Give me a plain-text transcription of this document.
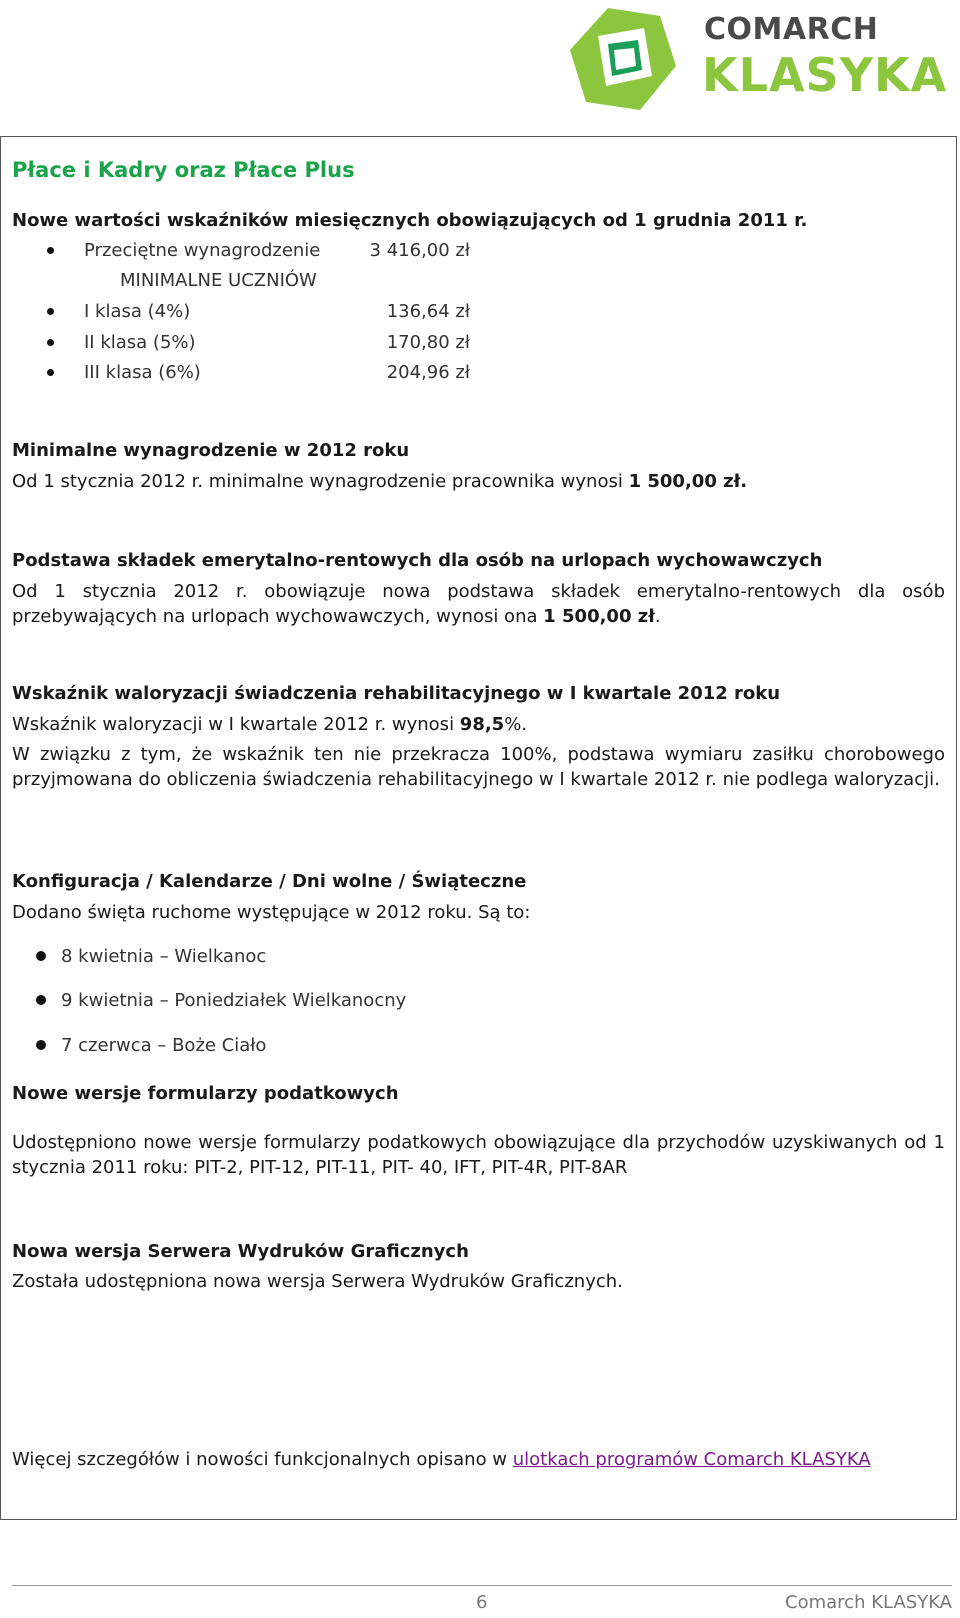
COMARCH
KLASYKA

Płace i Kadry oraz Płace Plus

Nowe wartości wskaźników miesięcznych obowiązujących od 1 grudnia 2011 r.

Przeciętne wynagrodzenie	3 416,00 zł
MINIMALNE UCZNIÓW
I klasa (4%)	136,64 zł
II klasa (5%)	170,80 zł
III klasa (6%)	204,96 zł

Minimalne wynagrodzenie w 2012 roku

Od 1 stycznia 2012 r. minimalne wynagrodzenie pracownika wynosi 1 500,00 zł.

Podstawa składek emerytalno-rentowych dla osób na urlopach wychowawczych

Od 1 stycznia 2012 r. obowiązuje nowa podstawa składek emerytalno-rentowych dla osób przebywających na urlopach wychowawczych, wynosi ona 1 500,00 zł.

Wskaźnik waloryzacji świadczenia rehabilitacyjnego w I kwartale 2012 roku

Wskaźnik waloryzacji w I kwartale 2012 r. wynosi 98,5%.

W związku z tym, że wskaźnik ten nie przekracza 100%, podstawa wymiaru zasiłku chorobowego przyjmowana do obliczenia świadczenia rehabilitacyjnego w I kwartale 2012 r. nie podlega waloryzacji.

Konfiguracja / Kalendarze / Dni wolne / Świąteczne

Dodano święta ruchome występujące w 2012 roku. Są to:

8 kwietnia – Wielkanoc
9 kwietnia – Poniedziałek Wielkanocny
7 czerwca – Boże Ciało

Nowe wersje formularzy podatkowych

Udostępniono nowe wersje formularzy podatkowych obowiązujące dla przychodów uzyskiwanych od 1 stycznia 2011 roku: PIT-2, PIT-12, PIT-11, PIT- 40, IFT, PIT-4R, PIT-8AR

Nowa wersja Serwera Wydruków Graficznych

Została udostępniona nowa wersja Serwera Wydruków Graficznych.

Więcej szczegółów i nowości funkcjonalnych opisano w ulotkach programów Comarch KLASYKA

6	Comarch KLASYKA
